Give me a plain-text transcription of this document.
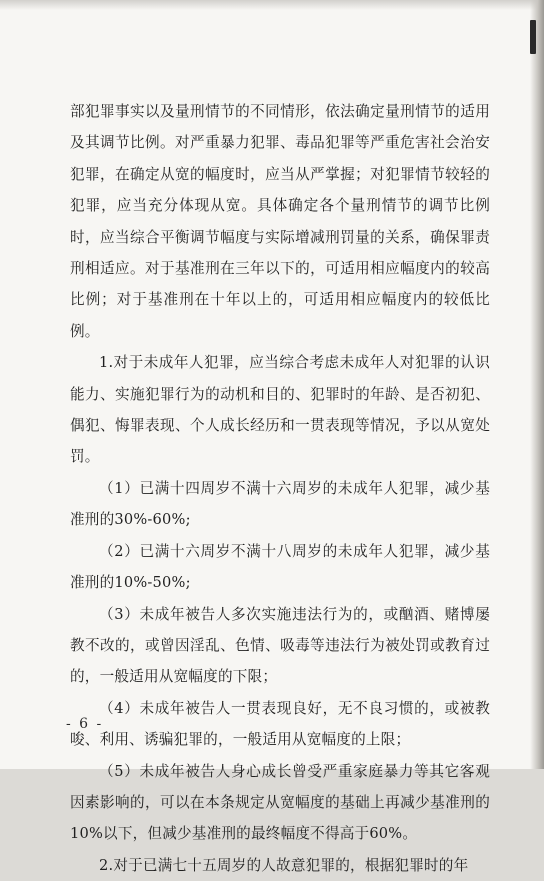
部犯罪事实以及量刑情节的不同情形，依法确定量刑情节的适用及其调节比例。对严重暴力犯罪、毒品犯罪等严重危害社会治安犯罪，在确定从宽的幅度时，应当从严掌握；对犯罪情节较轻的犯罪，应当充分体现从宽。具体确定各个量刑情节的调节比例时，应当综合平衡调节幅度与实际增减刑罚量的关系，确保罪责刑相适应。对于基准刑在三年以下的，可适用相应幅度内的较高比例；对于基准刑在十年以上的，可适用相应幅度内的较低比例。

1.对于未成年人犯罪，应当综合考虑未成年人对犯罪的认识能力、实施犯罪行为的动机和目的、犯罪时的年龄、是否初犯、偶犯、悔罪表现、个人成长经历和一贯表现等情况，予以从宽处罚。

（1）已满十四周岁不满十六周岁的未成年人犯罪，减少基准刑的30%-60%;

（2）已满十六周岁不满十八周岁的未成年人犯罪，减少基准刑的10%-50%;

（3）未成年被告人多次实施违法行为的，或酗酒、赌博屡教不改的，或曾因淫乱、色情、吸毒等违法行为被处罚或教育过的，一般适用从宽幅度的下限；

（4）未成年被告人一贯表现良好，无不良习惯的，或被教唆、利用、诱骗犯罪的，一般适用从宽幅度的上限；

（5）未成年被告人身心成长曾受严重家庭暴力等其它客观因素影响的，可以在本条规定从宽幅度的基础上再减少基准刑的10%以下，但减少基准刑的最终幅度不得高于60%。

2.对于已满七十五周岁的人故意犯罪的，根据犯罪时的年

- 6 -
